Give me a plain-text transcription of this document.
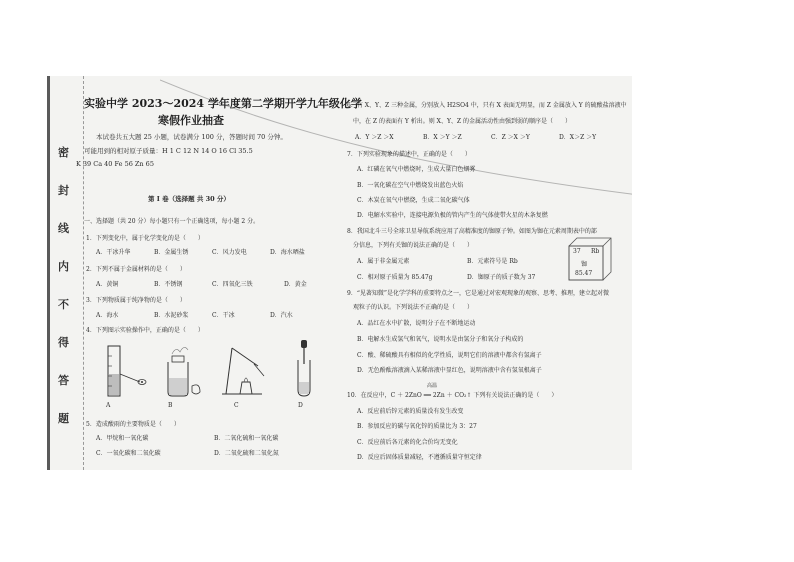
密
封
线
内
不
得
答
题
实验中学 2023～2024 学年度第二学期开学九年级化学
寒假作业抽查
本试卷共五大题 25 小题，试卷满分 100 分，答题时间 70 分钟。
可能用到的相对原子质量：H 1 C 12 N 14 O 16 Cl 35.5
K 39 Ca 40 Fe 56 Zn 65
第 Ⅰ 卷（选择题 共 30 分）
一、选择题（共 20 分）每小题只有一个正确选项，每小题 2 分。
1．下列变化中，属于化学变化的是（　　）
A．干冰升华	B．金属生锈	C．风力发电	D．海水晒盐
2．下列不属于金属材料的是（　　）
A．黄铜	B．不锈钢	C．四氧化三铁	D．黄金
3．下列物质属于纯净物的是（　　）
A．海水	B．水泥砂浆	C．干冰	D．汽水
4．下列图示实验操作中，正确的是（　　）
A	B	C	D
5．造成酸雨的主要物质是（　　）
A．甲烷和一氧化碳	B．二氧化硫和一氧化碳
C．一氧化碳和二氧化碳	D．二氧化硫和二氧化氮
6．有 X、Y、Z 三种金属，分别放入 H2SO4 中，只有 X 表面无明显，而 Z 金属放入 Y 的硫酸盐溶液中
中，在 Z 的表面有 Y 析出。则 X、Y、Z 的金属活动性由强到弱的顺序是（　　）
A．Y ＞Z ＞X	B．X ＞Y ＞Z	C．Z ＞X ＞Y	D．X＞Z ＞Y
7．下列实验现象的描述中，正确的是（　　）
A．红磷在氧气中燃烧时，生成大量白色烟雾
B．一氧化碳在空气中燃烧发出蓝色火焰
C．木炭在氧气中燃烧，生成二氧化碳气体
D．电解水实验中，连接电源负极的管内产生的气体使带火星的木条复燃
8．我国北斗三号全球卫星导航系统应用了高精准度的铷原子钟。如图为铷在元素周期表中的部
分信息，下列有关铷的说法正确的是（　　）
A．属于非金属元素	B．元素符号是 Rb
C．相对原子质量为 85.47g	D．铷原子的质子数为 37
37 Rb
铷
85.47
9．“见著知微”是化学学科的重要特点之一，它是通过对宏观现象的观察、思考、推理，建立起对微
观粒子的认识。下列说法不正确的是（　　）
A．品红在水中扩散，说明分子在不断地运动
B．电解水生成氢气和氧气，说明水是由氢分子和氧分子构成的
C．酸、稀硫酸具有相似的化学性质，说明它们的溶液中都含有氢离子
D．无色酚酞溶液滴入某稀溶液中显红色，说明溶液中含有氢氧根离子
高温
10．在反应中，C ＋ 2ZnO ══ 2Zn ＋ CO₂↑ 下列有关说法正确的是（　　）
A．反应前后锌元素的质量没有发生改变
B．参加反应的碳与氧化锌的质量比为 3：27
C．反应前后各元素的化合价均无变化
D．反应后固体质量减轻，不遵循质量守恒定律
